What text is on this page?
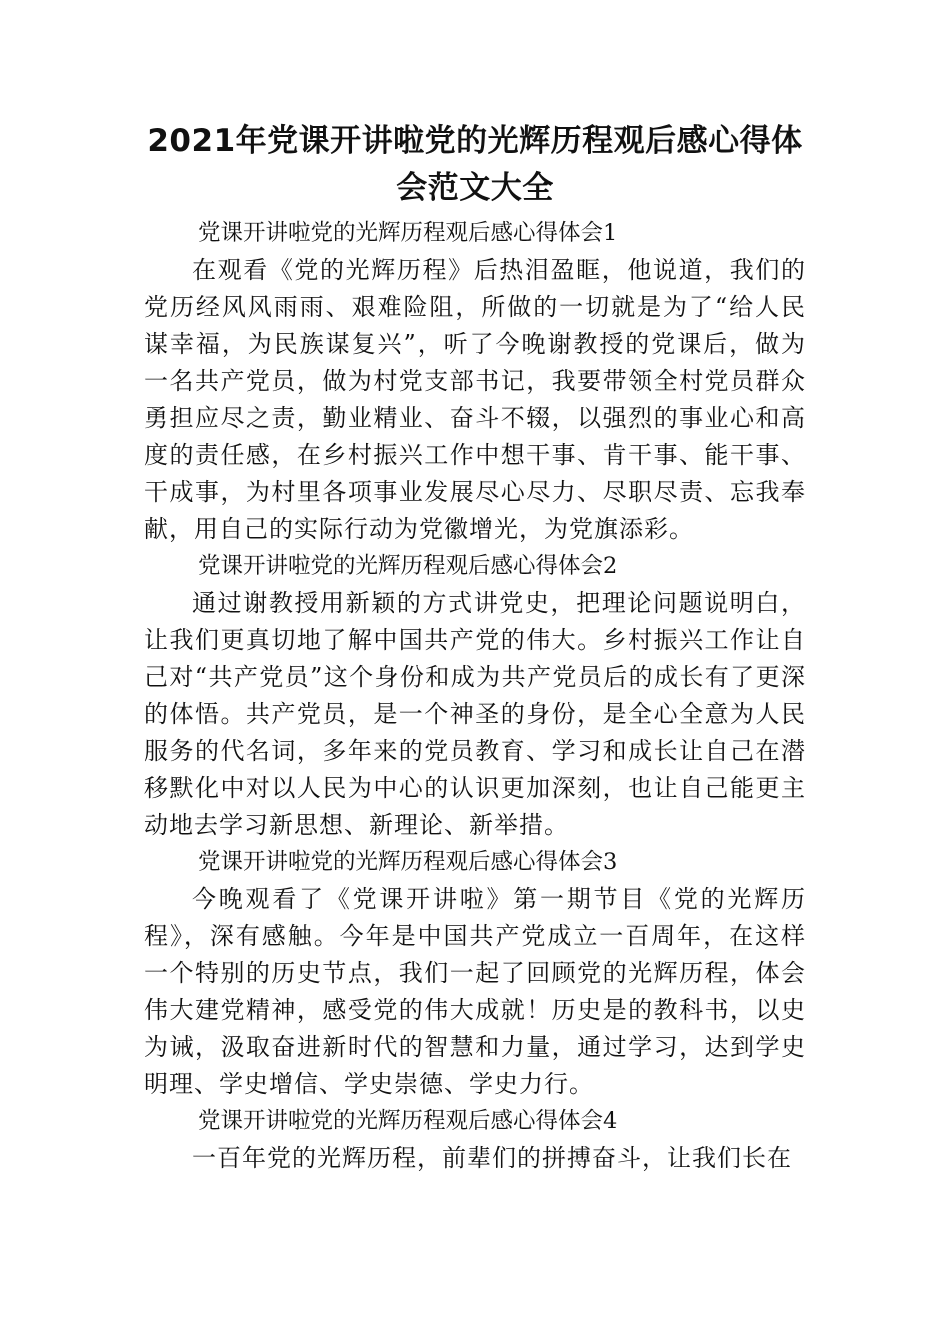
2021年党课开讲啦党的光辉历程观后感心得体会范文大全

党课开讲啦党的光辉历程观后感心得体会1

在观看《党的光辉历程》后热泪盈眶，他说道，我们的党历经风风雨雨、艰难险阻，所做的一切就是为了“给人民谋幸福，为民族谋复兴”，听了今晚谢教授的党课后，做为一名共产党员，做为村党支部书记，我要带领全村党员群众勇担应尽之责，勤业精业、奋斗不辍，以强烈的事业心和高度的责任感，在乡村振兴工作中想干事、肯干事、能干事、干成事，为村里各项事业发展尽心尽力、尽职尽责、忘我奉献，用自己的实际行动为党徽增光，为党旗添彩。

党课开讲啦党的光辉历程观后感心得体会2

通过谢教授用新颖的方式讲党史，把理论问题说明白，让我们更真切地了解中国共产党的伟大。乡村振兴工作让自己对“共产党员”这个身份和成为共产党员后的成长有了更深的体悟。共产党员，是一个神圣的身份，是全心全意为人民服务的代名词，多年来的党员教育、学习和成长让自己在潜移默化中对以人民为中心的认识更加深刻，也让自己能更主动地去学习新思想、新理论、新举措。

党课开讲啦党的光辉历程观后感心得体会3

今晚观看了《党课开讲啦》第一期节目《党的光辉历程》，深有感触。今年是中国共产党成立一百周年，在这样一个特别的历史节点，我们一起了回顾党的光辉历程，体会伟大建党精神，感受党的伟大成就！历史是的教科书，以史为诫，汲取奋进新时代的智慧和力量，通过学习，达到学史明理、学史增信、学史崇德、学史力行。

党课开讲啦党的光辉历程观后感心得体会4

一百年党的光辉历程，前辈们的拼搏奋斗，让我们长在
